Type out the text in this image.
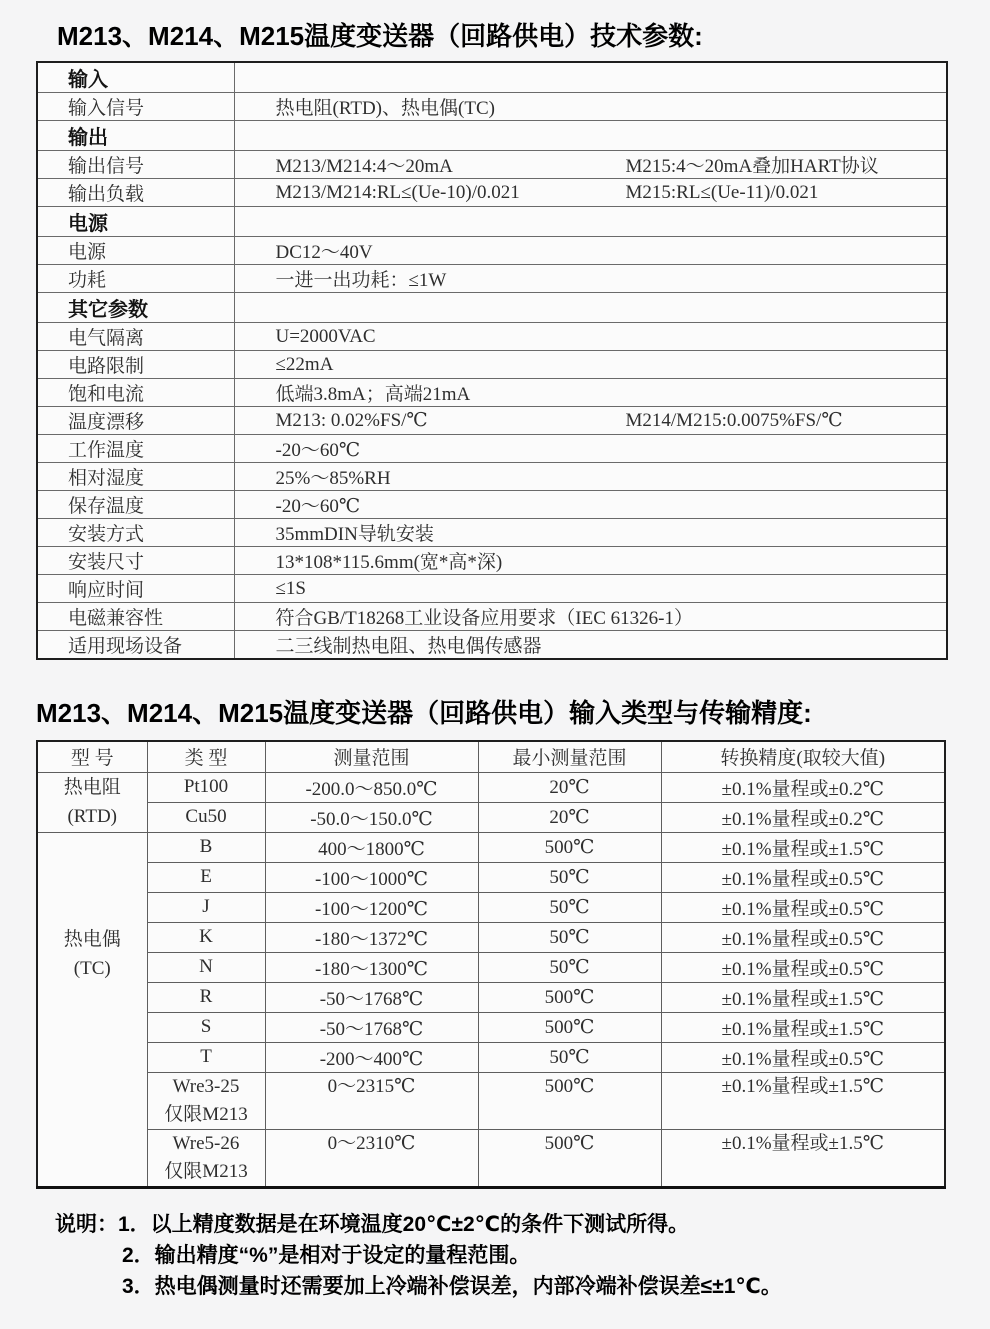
M213、M214、M215温度变送器（回路供电）技术参数:
输入	
输入信号	热电阻(RTD)、热电偶(TC)
输出	
输出信号	M213/M214:4～20mA M215:4～20mA叠加HART协议
输出负载	M213/M214:RL≤(Ue-10)/0.021 M215:RL≤(Ue-11)/0.021
电源	
电源	DC12～40V
功耗	一进一出功耗：≤1W
其它参数	
电气隔离	U=2000VAC
电路限制	≤22mA
饱和电流	低端3.8mA；高端21mA
温度漂移	M213: 0.02%FS/℃ M214/M215:0.0075%FS/℃
工作温度	-20～60℃
相对湿度	25%～85%RH
保存温度	-20～60℃
安装方式	35mmDIN导轨安装
安装尺寸	13*108*115.6mm(宽*高*深)
响应时间	≤1S
电磁兼容性	符合GB/T18268工业设备应用要求（IEC 61326-1）
适用现场设备	二三线制热电阻、热电偶传感器
M213、M214、M215温度变送器（回路供电）输入类型与传输精度:
型 号	类 型	测量范围	最小测量范围	转换精度(取较大值)

热电阻
(RTD)	Pt100	-200.0～850.0℃	20℃	±0.1%量程或±0.2℃
	Cu50	-50.0～150.0℃	20℃	±0.1%量程或±0.2℃

热电偶
(TC)	B	400～1800℃	500℃	±0.1%量程或±1.5℃
	E	-100～1000℃	50℃	±0.1%量程或±0.5℃
	J	-100～1200℃	50℃	±0.1%量程或±0.5℃
	K	-180～1372℃	50℃	±0.1%量程或±0.5℃
	N	-180～1300℃	50℃	±0.1%量程或±0.5℃
	R	-50～1768℃	500℃	±0.1%量程或±1.5℃
	S	-50～1768℃	500℃	±0.1%量程或±1.5℃
	T	-200～400℃	50℃	±0.1%量程或±0.5℃

	Wre3-25
仅限M213	0～2315℃	500℃	±0.1%量程或±1.5℃

	Wre5-26
仅限M213	0～2310℃	500℃	±0.1%量程或±1.5℃
说明：1．以上精度数据是在环境温度20℃±2℃的条件下测试所得。
2．输出精度“%”是相对于设定的量程范围。
3．热电偶测量时还需要加上冷端补偿误差，内部冷端补偿误差≤±1℃。
